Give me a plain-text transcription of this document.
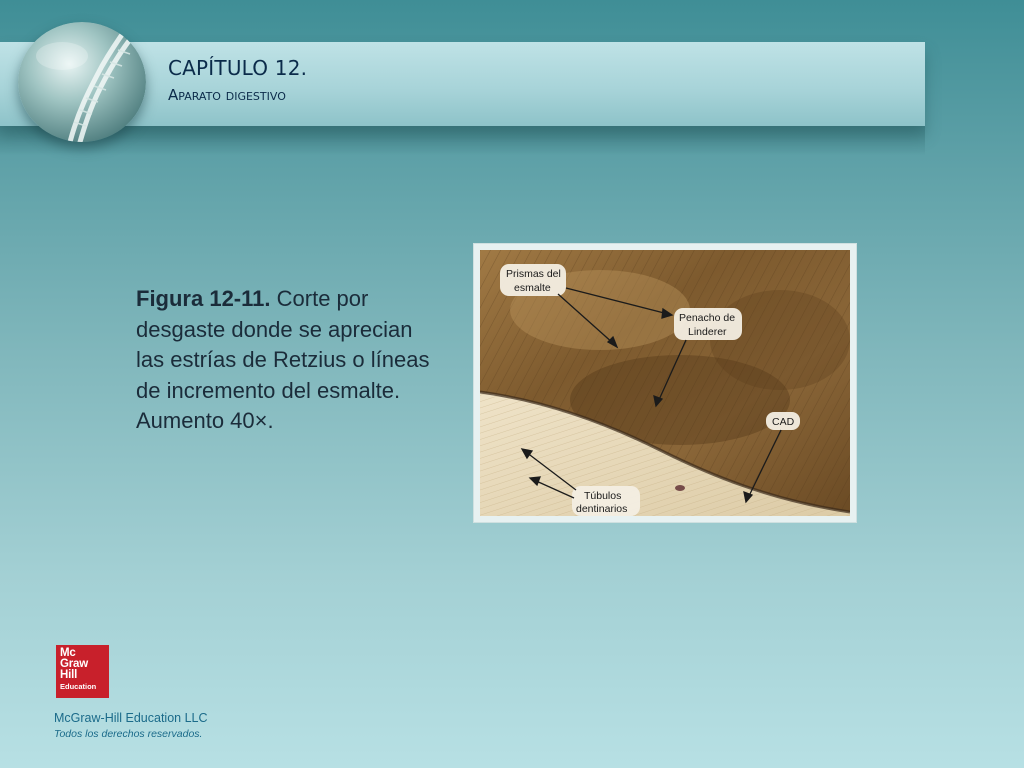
CAPÍTULO 12.
Aparato digestivo

Figura 12-11. Corte por desgaste donde se aprecian las estrías de Retzius o líneas de incremento del esmalte. Aumento 40×.

Prismas del
esmalte
Penacho de
Linderer
CAD
Túbulos
dentinarios
Mc
Graw
Hill
Education
McGraw-Hill Education LLC
Todos los derechos reservados.
